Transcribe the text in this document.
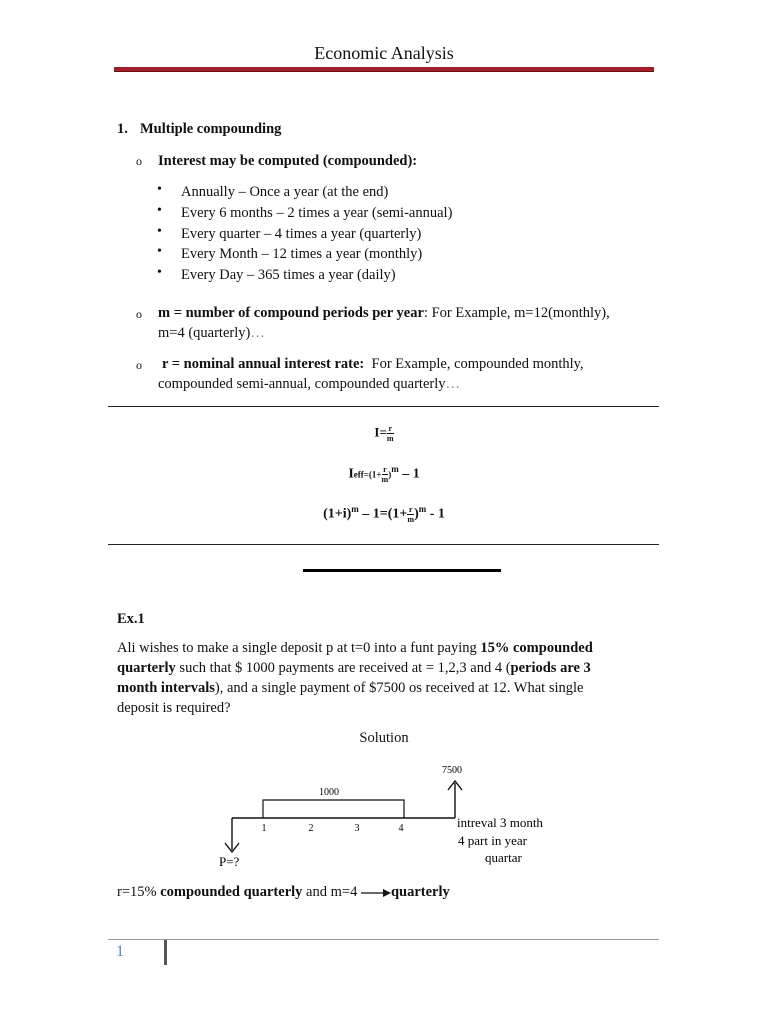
Economic Analysis
1. Multiple compounding
o Interest may be computed (compounded):
• Annually – Once a year (at the end)
• Every 6 months – 2 times a year (semi-annual)
• Every quarter – 4 times a year (quarterly)
• Every Month – 12 times a year (monthly)
• Every Day – 365 times a year (daily)
o m = number of compound periods per year: For Example, m=12(monthly),
m=4 (quarterly)…
o r = nominal annual interest rate: For Example, compounded monthly,
compounded semi-annual, compounded quarterly…
$I= \frac{r}{m}$
Ieff=(1+ $\frac{r}{m} )^m - 1$
$(1+i)^m - 1=(1+ \frac{r}{m} )^m - 1$
Ex.1
Ali wishes to make a single deposit p at t=0 into a funt paying 15% compounded
quarterly such that $ 1000 payments are received at = 1,2,3 and 4 (periods are 3
month intervals), and a single payment of $7500 os received at 12. What single
deposit is required?
Solution
7500
1000
1	2	3	4	intreval 3 month
4 part in year
quartar
P=?
r=15% compounded quarterly and m=4 quarterly
1
